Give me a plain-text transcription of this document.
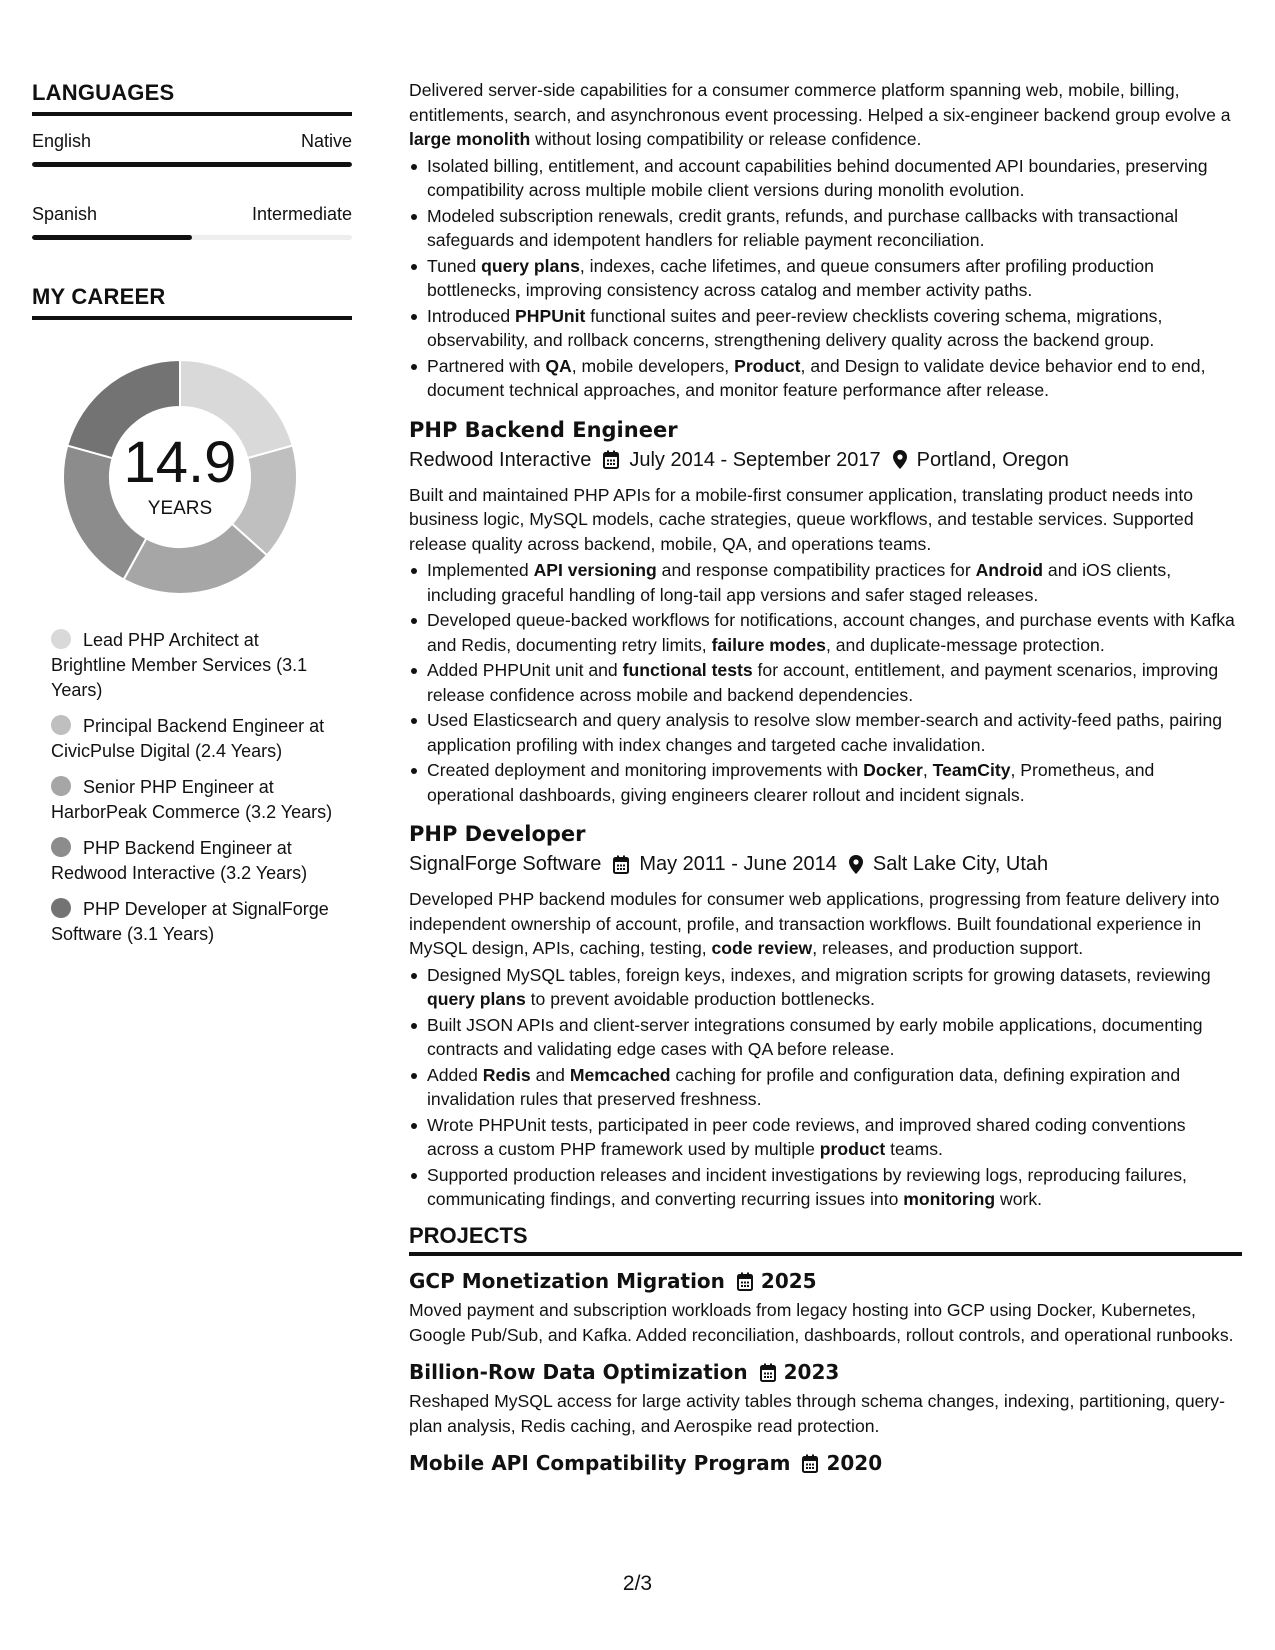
LANGUAGES
English	Native
Spanish	Intermediate
MY CAREER
14.9
YEARS
Lead PHP Architect at Brightline Member Services (3.1 Years)
Principal Backend Engineer at CivicPulse Digital (2.4 Years)
Senior PHP Engineer at HarborPeak Commerce (3.2 Years)
PHP Backend Engineer at Redwood Interactive (3.2 Years)
PHP Developer at SignalForge Software (3.1 Years)
Delivered server-side capabilities for a consumer commerce platform spanning web, mobile, billing, entitlements, search, and asynchronous event processing. Helped a six-engineer backend group evolve a large monolith without losing compatibility or release confidence.
Isolated billing, entitlement, and account capabilities behind documented API boundaries, preserving compatibility across multiple mobile client versions during monolith evolution.
Modeled subscription renewals, credit grants, refunds, and purchase callbacks with transactional safeguards and idempotent handlers for reliable payment reconciliation.
Tuned query plans, indexes, cache lifetimes, and queue consumers after profiling production bottlenecks, improving consistency across catalog and member activity paths.
Introduced PHPUnit functional suites and peer-review checklists covering schema, migrations, observability, and rollback concerns, strengthening delivery quality across the backend group.
Partnered with QA, mobile developers, Product, and Design to validate device behavior end to end, document technical approaches, and monitor feature performance after release.
PHP Backend Engineer
Redwood Interactive July 2014 - September 2017 Portland, Oregon
Built and maintained PHP APIs for a mobile-first consumer application, translating product needs into business logic, MySQL models, cache strategies, queue workflows, and testable services. Supported release quality across backend, mobile, QA, and operations teams.
Implemented API versioning and response compatibility practices for Android and iOS clients, including graceful handling of long-tail app versions and safer staged releases.
Developed queue-backed workflows for notifications, account changes, and purchase events with Kafka and Redis, documenting retry limits, failure modes, and duplicate-message protection.
Added PHPUnit unit and functional tests for account, entitlement, and payment scenarios, improving release confidence across mobile and backend dependencies.
Used Elasticsearch and query analysis to resolve slow member-search and activity-feed paths, pairing application profiling with index changes and targeted cache invalidation.
Created deployment and monitoring improvements with Docker, TeamCity, Prometheus, and operational dashboards, giving engineers clearer rollout and incident signals.
PHP Developer
SignalForge Software May 2011 - June 2014 Salt Lake City, Utah
Developed PHP backend modules for consumer web applications, progressing from feature delivery into independent ownership of account, profile, and transaction workflows. Built foundational experience in MySQL design, APIs, caching, testing, code review, releases, and production support.
Designed MySQL tables, foreign keys, indexes, and migration scripts for growing datasets, reviewing query plans to prevent avoidable production bottlenecks.
Built JSON APIs and client-server integrations consumed by early mobile applications, documenting contracts and validating edge cases with QA before release.
Added Redis and Memcached caching for profile and configuration data, defining expiration and invalidation rules that preserved freshness.
Wrote PHPUnit tests, participated in peer code reviews, and improved shared coding conventions across a custom PHP framework used by multiple product teams.
Supported production releases and incident investigations by reviewing logs, reproducing failures, communicating findings, and converting recurring issues into monitoring work.
PROJECTS
GCP Monetization Migration 2025
Moved payment and subscription workloads from legacy hosting into GCP using Docker, Kubernetes, Google Pub/Sub, and Kafka. Added reconciliation, dashboards, rollout controls, and operational runbooks.
Billion-Row Data Optimization 2023
Reshaped MySQL access for large activity tables through schema changes, indexing, partitioning, query-plan analysis, Redis caching, and Aerospike read protection.
Mobile API Compatibility Program 2020
2/3
